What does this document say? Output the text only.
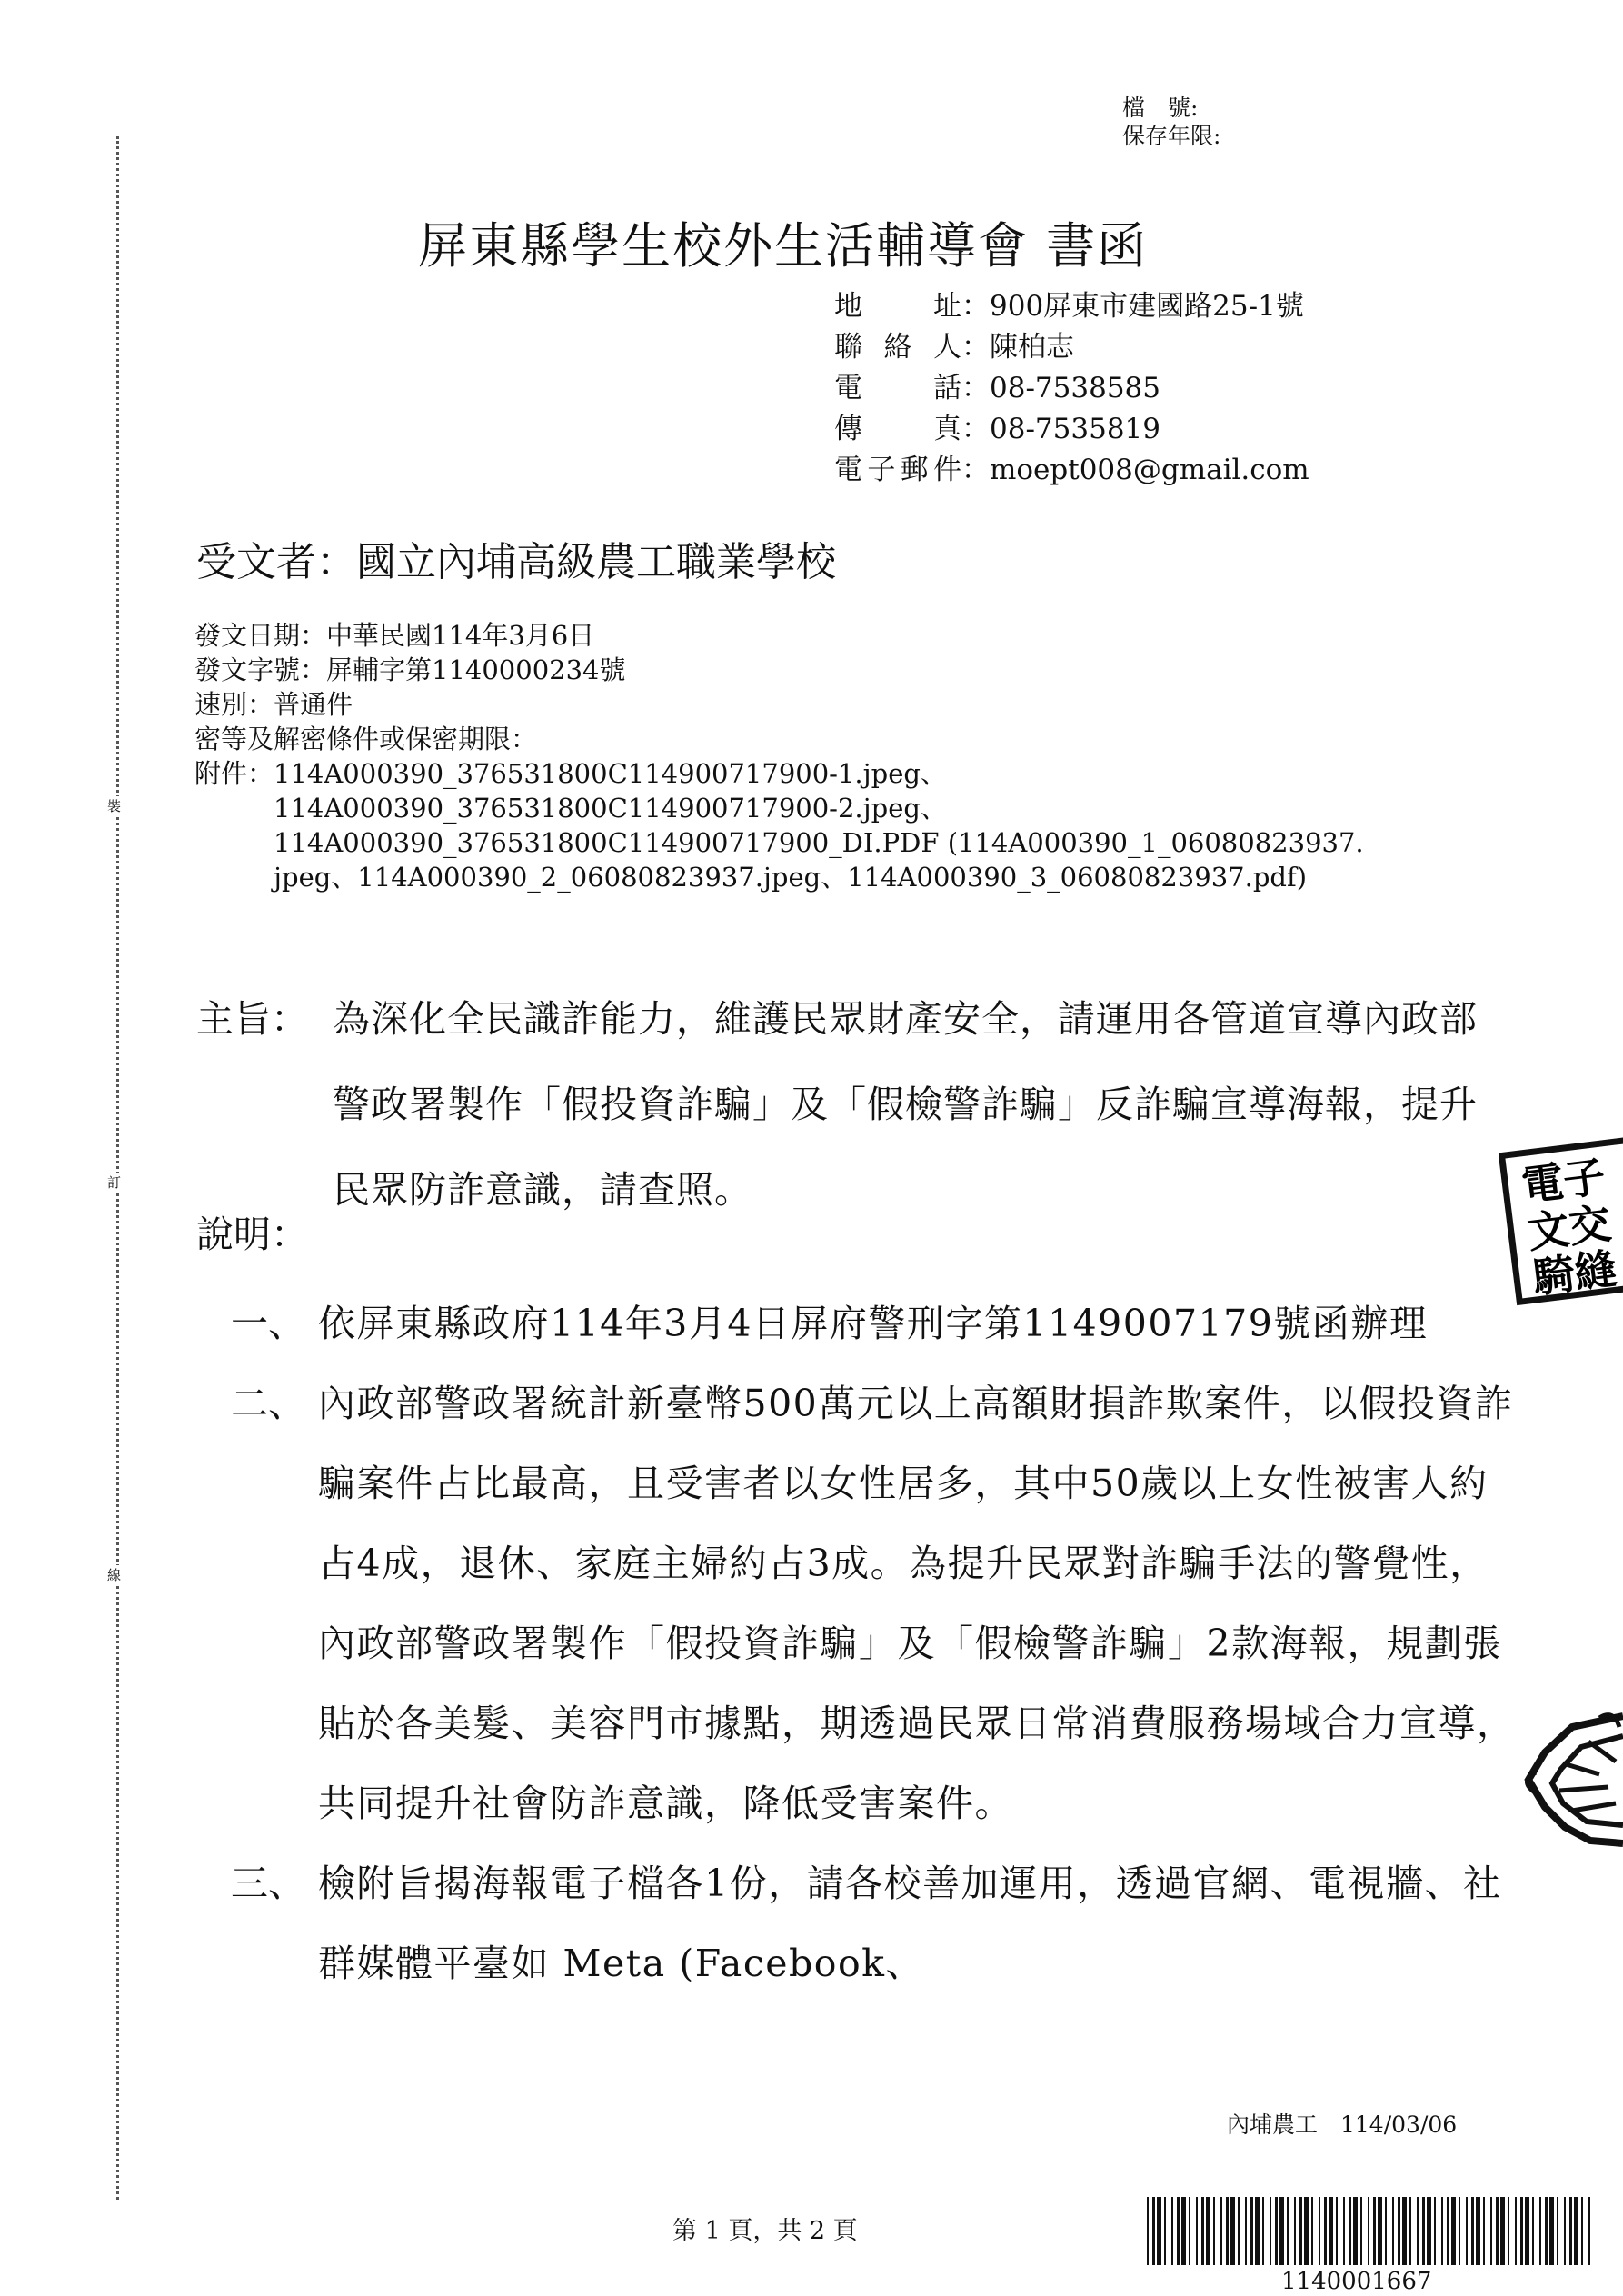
裝
訂
線
檔　號:
保存年限:
屏東縣學生校外生活輔導會 書函
地址 ：900屏東市建國路25-1號
聯絡人 ：陳柏志
電話 ：08-7538585
傳真 ：08-7535819
電子郵件 ：moept008@gmail.com
受文者：國立內埔高級農工職業學校
發文日期：中華民國114年3月6日
發文字號：屏輔字第1140000234號
速別：普通件
密等及解密條件或保密期限：
附件： 114A000390_376531800C114900717900-1.jpeg、
114A000390_376531800C114900717900-2.jpeg、
114A000390_376531800C114900717900_DI.PDF (114A000390_1_06080823937.
jpeg、114A000390_2_06080823937.jpeg、114A000390_3_06080823937.pdf)
主旨： 為深化全民識詐能力，維護民眾財產安全，請運用各管道宣導內政部警政署製作「假投資詐騙」及「假檢警詐騙」反詐騙宣導海報，提升民眾防詐意識，請查照。
說明：
一、 依屏東縣政府114年3月4日屏府警刑字第1149007179號函辦理
二、 內政部警政署統計新臺幣500萬元以上高額財損詐欺案件，以假投資詐騙案件占比最高，且受害者以女性居多，其中50歲以上女性被害人約占4成，退休、家庭主婦約占3成。為提升民眾對詐騙手法的警覺性，內政部警政署製作「假投資詐騙」及「假檢警詐騙」2款海報，規劃張貼於各美髮、美容門市據點，期透過民眾日常消費服務場域合力宣導，共同提升社會防詐意識，降低受害案件。
三、 檢附旨揭海報電子檔各1份，請各校善加運用，透過官網、電視牆、社群媒體平臺如 Meta (Facebook、
電子
文交
騎縫
內埔農工　114/03/06
第 1 頁，共 2 頁
1140001667
